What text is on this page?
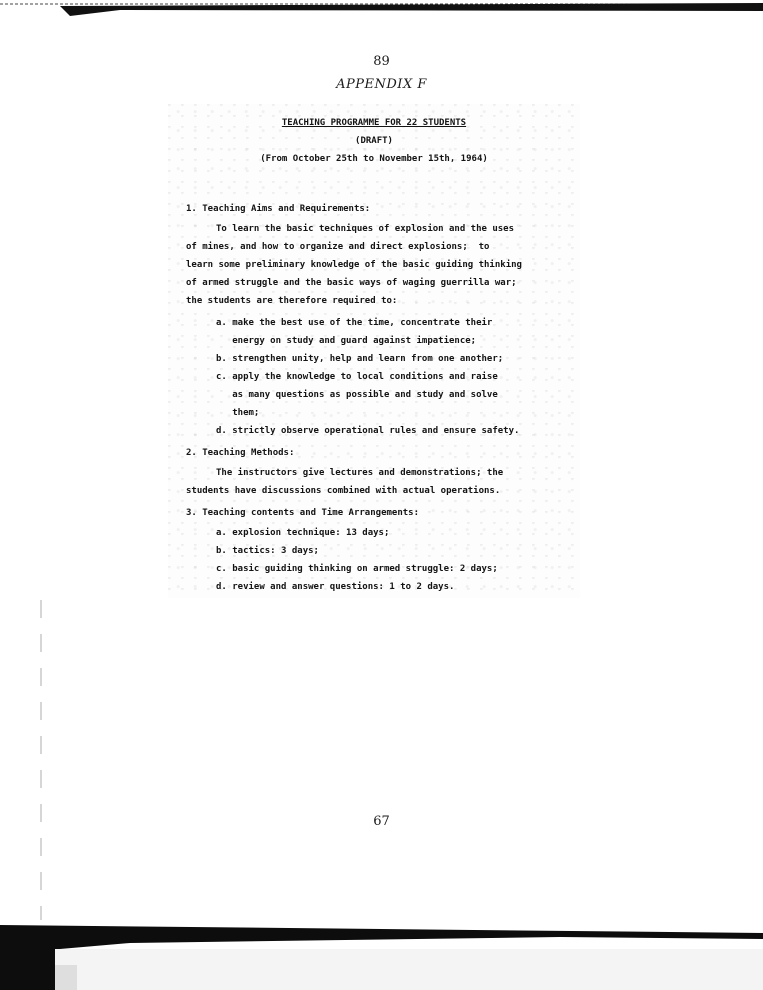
89
APPENDIX F
TEACHING PROGRAMME FOR 22 STUDENTS
(DRAFT)
(From October 25th to November 15th, 1964)
1. Teaching Aims and Requirements:
To learn the basic techniques of explosion and the uses
of mines, and how to organize and direct explosions;  to
learn some preliminary knowledge of the basic guiding thinking
of armed struggle and the basic ways of waging guerrilla war;
the students are therefore required to:
a. make the best use of the time, concentrate their
energy on study and guard against impatience;
b. strengthen unity, help and learn from one another;
c. apply the knowledge to local conditions and raise
as many questions as possible and study and solve
them;
d. strictly observe operational rules and ensure safety.
2. Teaching Methods:
The instructors give lectures and demonstrations; the
students have discussions combined with actual operations.
3. Teaching contents and Time Arrangements:
a. explosion technique: 13 days;
b. tactics: 3 days;
c. basic guiding thinking on armed struggle: 2 days;
d. review and answer questions: 1 to 2 days.
67
